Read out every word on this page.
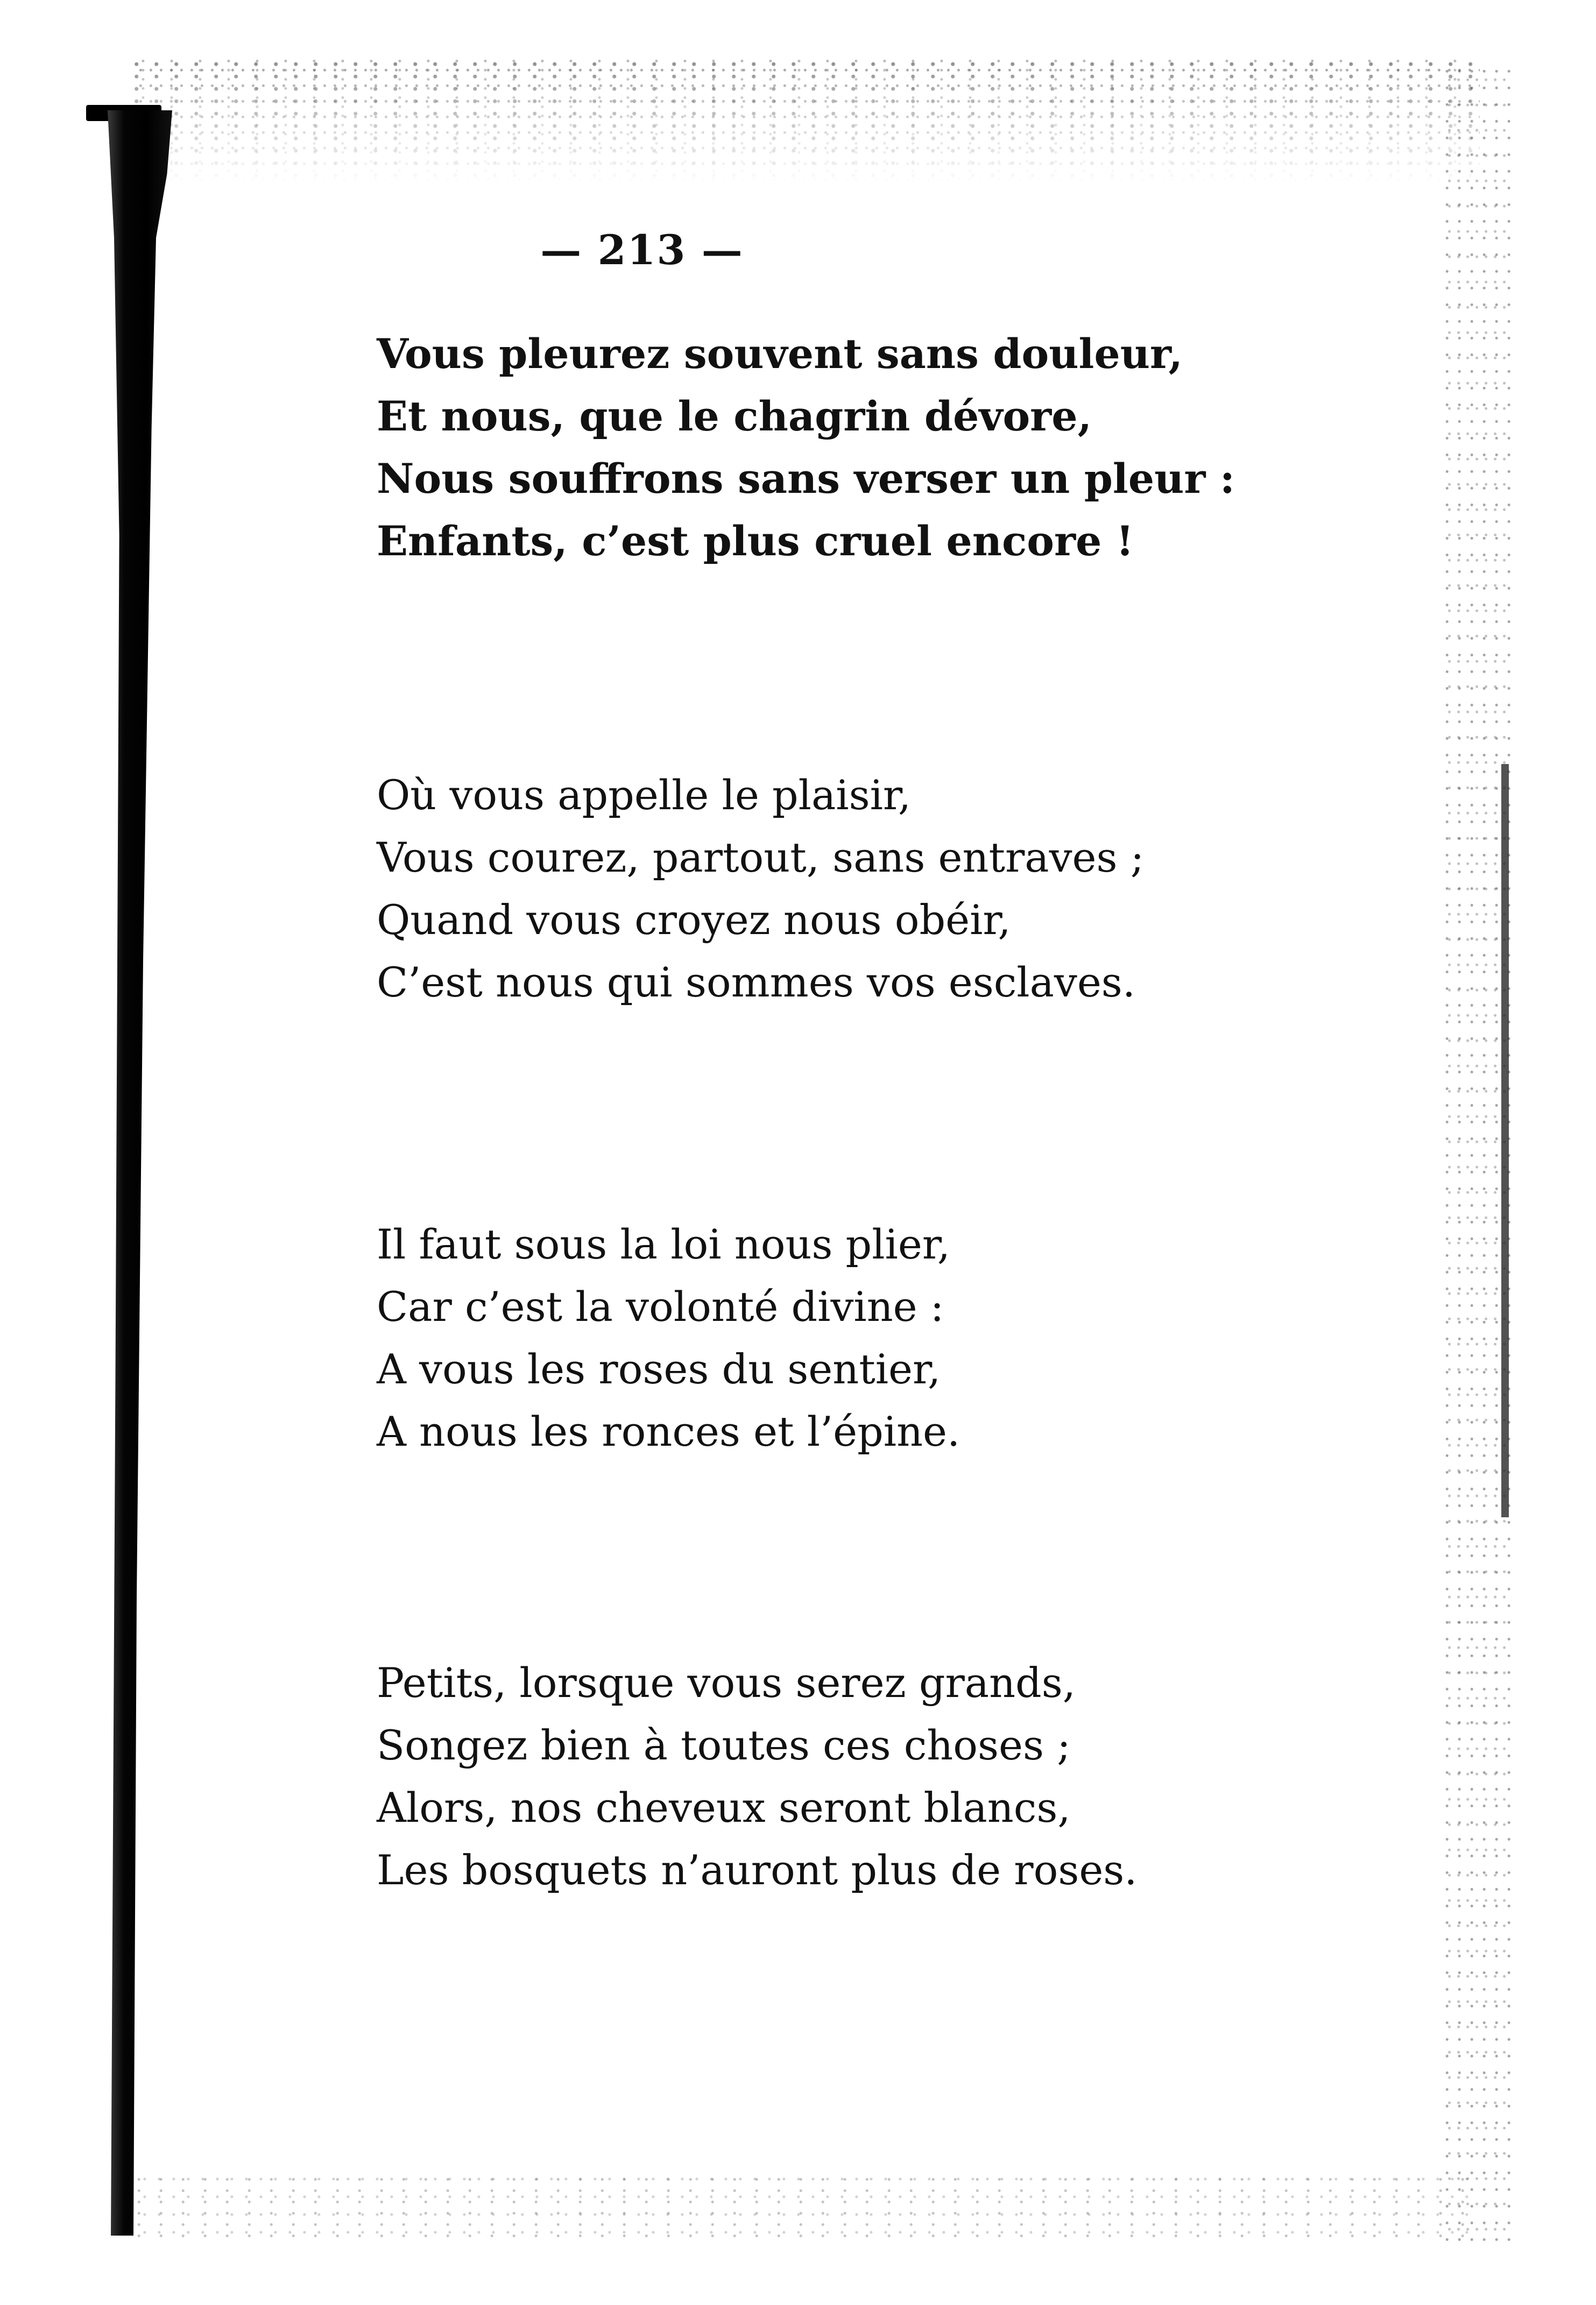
— 213 —
Vous pleurez souvent sans douleur,
Et nous, que le chagrin dévore,
Nous souffrons sans verser un pleur :
Enfants, c’est plus cruel encore !
Où vous appelle le plaisir,
Vous courez, partout, sans entraves ;
Quand vous croyez nous obéir,
C’est nous qui sommes vos esclaves.
Il faut sous la loi nous plier,
Car c’est la volonté divine :
A vous les roses du sentier,
A nous les ronces et l’épine.
Petits, lorsque vous serez grands,
Songez bien à toutes ces choses ;
Alors, nos cheveux seront blancs,
Les bosquets n’auront plus de roses.
